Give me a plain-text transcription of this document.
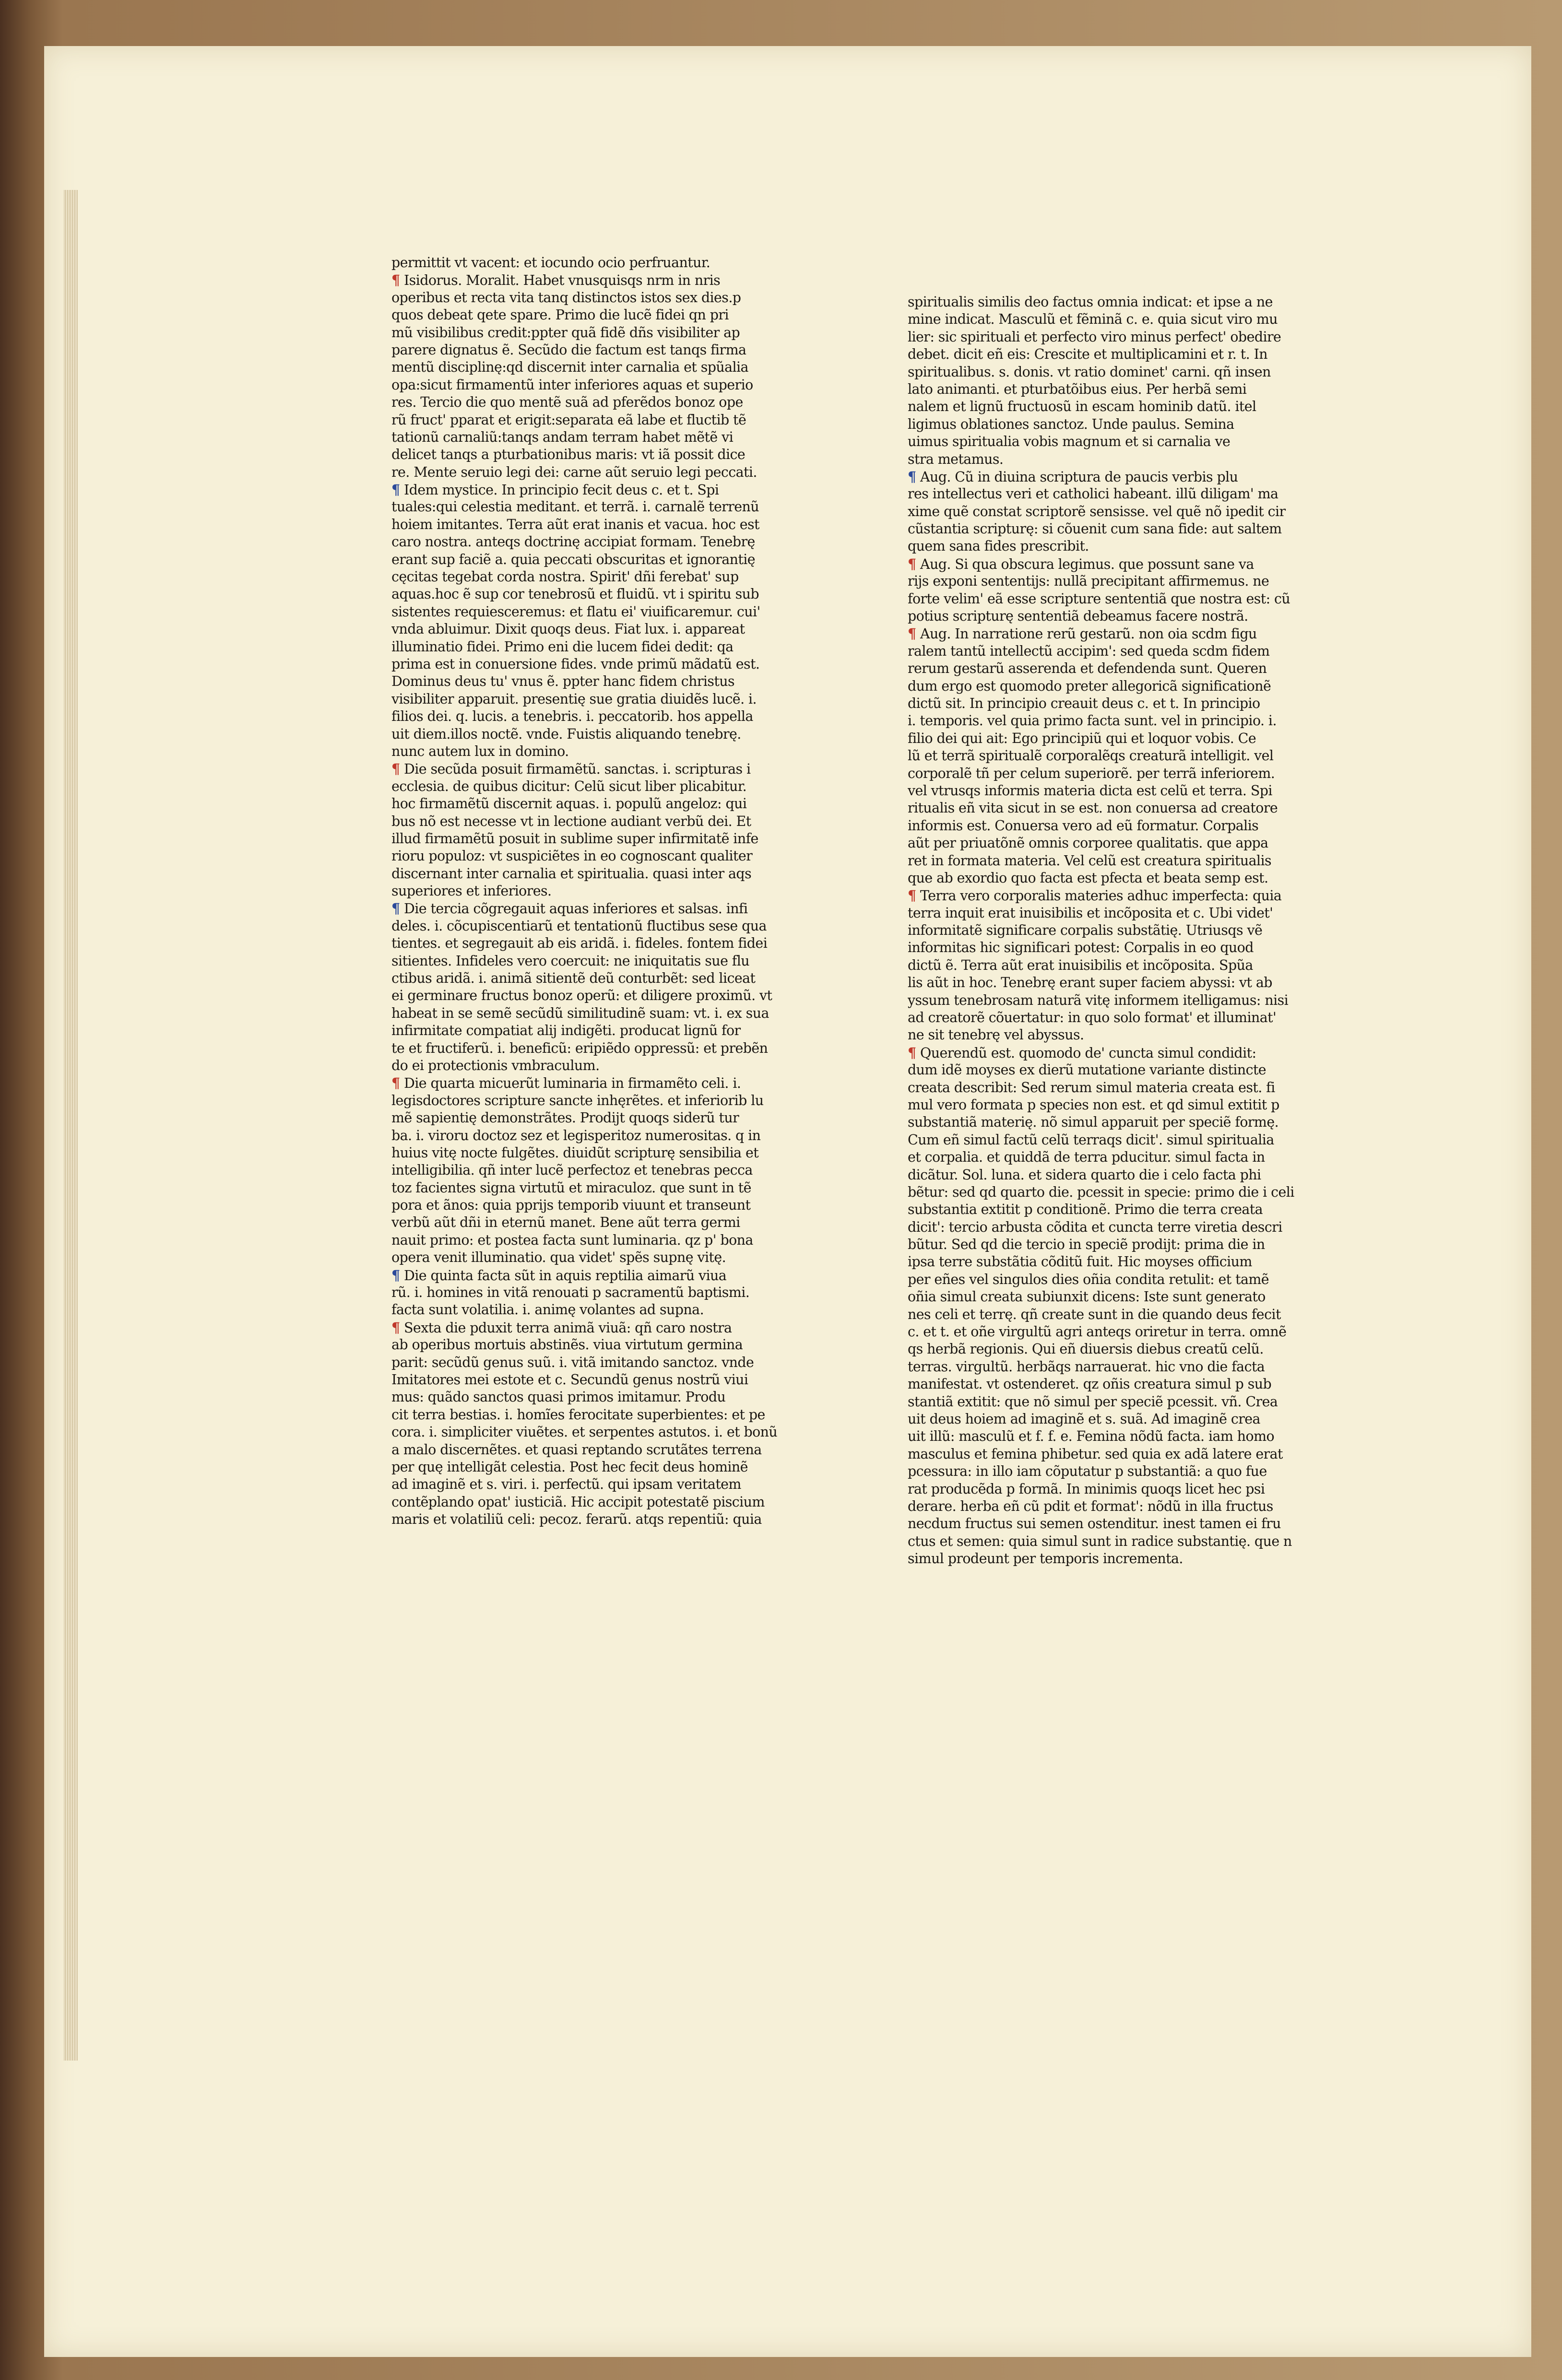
permittit vt vacent: et iocundo ocio perfruantur.
¶ Isidorus. Moralit. Habet vnusquisqs nrm in nris
operibus et recta vita tanq distinctos istos sex dies.p
quos debeat qete spare. Primo die lucẽ fidei qn pri
mũ visibilibus credit:ppter quã fidẽ dñs visibiliter ap
parere dignatus ẽ. Secũdo die factum est tanqs firma
mentũ disciplinę:qd discernit inter carnalia et spũalia
opa:sicut firmamentũ inter inferiores aquas et superio
res. Tercio die quo mentẽ suã ad pferẽdos bonoz ope
rũ fruct' pparat et erigit:separata eã labe et fluctib tẽ
tationũ carnaliũ:tanqs andam terram habet mẽtẽ vi
delicet tanqs a pturbationibus maris: vt iã possit dice
re. Mente seruio legi dei: carne aũt seruio legi peccati.
¶ Idem mystice. In principio fecit deus c. et t. Spi
tuales:qui celestia meditant. et terrã. i. carnalẽ terrenũ
hoiem imitantes. Terra aũt erat inanis et vacua. hoc est
caro nostra. anteqs doctrinę accipiat formam. Tenebrę
erant sup faciẽ a. quia peccati obscuritas et ignorantię
cęcitas tegebat corda nostra. Spirit' dñi ferebat' sup
aquas.hoc ẽ sup cor tenebrosũ et fluidũ. vt i spiritu sub
sistentes requiesceremus: et flatu ei' viuificaremur. cui'
vnda abluimur. Dixit quoqs deus. Fiat lux. i. appareat
illuminatio fidei. Primo eni die lucem fidei dedit: qa
prima est in conuersione fides. vnde primũ mãdatũ est.
Dominus deus tu' vnus ẽ. ppter hanc fidem christus
visibiliter apparuit. presentię sue gratia diuidẽs lucẽ. i.
filios dei. q. lucis. a tenebris. i. peccatorib. hos appella
uit diem.illos noctẽ. vnde. Fuistis aliquando tenebrę.
nunc autem lux in domino.
¶ Die secũda posuit firmamẽtũ. sanctas. i. scripturas i
ecclesia. de quibus dicitur: Celũ sicut liber plicabitur.
hoc firmamẽtũ discernit aquas. i. populũ angeloz: qui
bus nõ est necesse vt in lectione audiant verbũ dei. Et
illud firmamẽtũ posuit in sublime super infirmitatẽ infe
rioru populoz: vt suspiciẽtes in eo cognoscant qualiter
discernant inter carnalia et spiritualia. quasi inter aqs
superiores et inferiores.
¶ Die tercia cõgregauit aquas inferiores et salsas. infi
deles. i. cõcupiscentiarũ et tentationũ fluctibus sese qua
tientes. et segregauit ab eis aridã. i. fideles. fontem fidei
sitientes. Infideles vero coercuit: ne iniquitatis sue flu
ctibus aridã. i. animã sitientẽ deũ conturbẽt: sed liceat
ei germinare fructus bonoz operũ: et diligere proximũ. vt
habeat in se semẽ secũdũ similitudinẽ suam: vt. i. ex sua
infirmitate compatiat alij indigẽti. producat lignũ for
te et fructiferũ. i. beneficũ: eripiẽdo oppressũ: et prebẽn
do ei protectionis vmbraculum.
¶ Die quarta micuerũt luminaria in firmamẽto celi. i.
legisdoctores scripture sancte inhęrẽtes. et inferiorib lu
mẽ sapientię demonstrãtes. Prodijt quoqs siderũ tur
ba. i. viroru doctoz sez et legisperitoz numerositas. q in
huius vitę nocte fulgẽtes. diuidũt scripturę sensibilia et
intelligibilia. qñ inter lucẽ perfectoz et tenebras pecca
toz facientes signa virtutũ et miraculoz. que sunt in tẽ
pora et ãnos: quia pprijs temporib viuunt et transeunt
verbũ aũt dñi in eternũ manet. Bene aũt terra germi
nauit primo: et postea facta sunt luminaria. qz p' bona
opera venit illuminatio. qua videt' spẽs supnę vitę.
¶ Die quinta facta sũt in aquis reptilia aimarũ viua
rũ. i. homines in vitã renouati p sacramentũ baptismi.
facta sunt volatilia. i. animę volantes ad supna.
¶ Sexta die pduxit terra animã viuã: qñ caro nostra
ab operibus mortuis abstinẽs. viua virtutum germina
parit: secũdũ genus suũ. i. vitã imitando sanctoz. vnde
Imitatores mei estote et c. Secundũ genus nostrũ viui
mus: quãdo sanctos quasi primos imitamur. Produ
cit terra bestias. i. homĩes ferocitate superbientes: et pe
cora. i. simpliciter viuẽtes. et serpentes astutos. i. et bonũ
a malo discernẽtes. et quasi reptando scrutãtes terrena
per quę intelligãt celestia. Post hec fecit deus hominẽ
ad imaginẽ et s. viri. i. perfectũ. qui ipsam veritatem
contẽplando opat' iusticiã. Hic accipit potestatẽ piscium
maris et volatiliũ celi: pecoz. ferarũ. atqs repentiũ: quia
spiritualis similis deo factus omnia indicat: et ipse a ne
mine indicat. Masculũ et fẽminã c. e. quia sicut viro mu
lier: sic spirituali et perfecto viro minus perfect' obedire
debet. dicit eñ eis: Crescite et multiplicamini et r. t. In
spiritualibus. s. donis. vt ratio dominet' carni. qñ insen
lato animanti. et pturbatõibus eius. Per herbã semi
nalem et lignũ fructuosũ in escam hominib datũ. itel
ligimus oblationes sanctoz. Unde paulus. Semina
uimus spiritualia vobis magnum et si carnalia ve
stra metamus.
¶ Aug. Cũ in diuina scriptura de paucis verbis plu
res intellectus veri et catholici habeant. illũ diligam' ma
xime quẽ constat scriptorẽ sensisse. vel quẽ nõ ipedit cir
cũstantia scripturę: si cõuenit cum sana fide: aut saltem
quem sana fides prescribit.
¶ Aug. Si qua obscura legimus. que possunt sane va
rijs exponi sententijs: nullã precipitant affirmemus. ne
forte velim' eã esse scripture sententiã que nostra est: cũ
potius scripturę sententiã debeamus facere nostrã.
¶ Aug. In narratione rerũ gestarũ. non oia scdm figu
ralem tantũ intellectũ accipim': sed queda scdm fidem
rerum gestarũ asserenda et defendenda sunt. Queren
dum ergo est quomodo preter allegoricã significationẽ
dictũ sit. In principio creauit deus c. et t. In principio
i. temporis. vel quia primo facta sunt. vel in principio. i.
filio dei qui ait: Ego principiũ qui et loquor vobis. Ce
lũ et terrã spiritualẽ corporalẽqs creaturã intelligit. vel
corporalẽ tñ per celum superiorẽ. per terrã inferiorem.
vel vtrusqs informis materia dicta est celũ et terra. Spi
ritualis eñ vita sicut in se est. non conuersa ad creatore
informis est. Conuersa vero ad eũ formatur. Corpalis
aũt per priuatõnẽ omnis corporee qualitatis. que appa
ret in formata materia. Vel celũ est creatura spiritualis
que ab exordio quo facta est pfecta et beata semp est.
¶ Terra vero corporalis materies adhuc imperfecta: quia
terra inquit erat inuisibilis et incõposita et c. Ubi videt'
informitatẽ significare corpalis substãtię. Utriusqs vẽ
informitas hic significari potest: Corpalis in eo quod
dictũ ẽ. Terra aũt erat inuisibilis et incõposita. Spũa
lis aũt in hoc. Tenebrę erant super faciem abyssi: vt ab
yssum tenebrosam naturã vitę informem itelligamus: nisi
ad creatorẽ cõuertatur: in quo solo format' et illuminat'
ne sit tenebrę vel abyssus.
¶ Querendũ est. quomodo de' cuncta simul condidit:
dum idẽ moyses ex dierũ mutatione variante distincte
creata describit: Sed rerum simul materia creata est. fi
mul vero formata p species non est. et qd simul extitit p
substantiã materię. nõ simul apparuit per speciẽ formę.
Cum eñ simul factũ celũ terraqs dicit'. simul spiritualia
et corpalia. et quiddã de terra pducitur. simul facta in
dicãtur. Sol. luna. et sidera quarto die i celo facta phi
bẽtur: sed qd quarto die. pcessit in specie: primo die i celi
substantia extitit p conditionẽ. Primo die terra creata
dicit': tercio arbusta cõdita et cuncta terre viretia descri
bũtur. Sed qd die tercio in speciẽ prodijt: prima die in
ipsa terre substãtia cõditũ fuit. Hic moyses officium
per eñes vel singulos dies oñia condita retulit: et tamẽ
oñia simul creata subiunxit dicens: Iste sunt generato
nes celi et terrę. qñ create sunt in die quando deus fecit
c. et t. et oñe virgultũ agri anteqs oriretur in terra. omnẽ
qs herbã regionis. Qui eñ diuersis diebus creatũ celũ.
terras. virgultũ. herbãqs narrauerat. hic vno die facta
manifestat. vt ostenderet. qz oñis creatura simul p sub
stantiã extitit: que nõ simul per speciẽ pcessit. vñ. Crea
uit deus hoiem ad imaginẽ et s. suã. Ad imaginẽ crea
uit illũ: masculũ et f. f. e. Femina nõdũ facta. iam homo
masculus et femina phibetur. sed quia ex adã latere erat
pcessura: in illo iam cõputatur p substantiã: a quo fue
rat producẽda p formã. In minimis quoqs licet hec psi
derare. herba eñ cũ pdit et format': nõdũ in illa fructus
necdum fructus sui semen ostenditur. inest tamen ei fru
ctus et semen: quia simul sunt in radice substantię. que n
simul prodeunt per temporis incrementa.
